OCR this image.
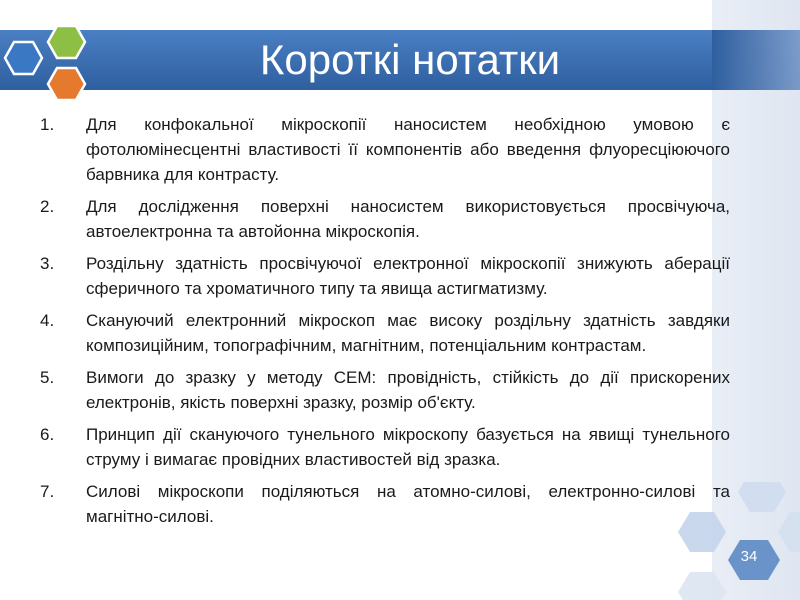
Короткі нотатки
34
1.	Для конфокальної мікроскопії наносистем необхідною умовою є фотолюмінесцентні властивості її компонентів або введення флуоресціюючого барвника для контрасту.
2.	Для дослідження поверхні наносистем використовується просвічуюча, автоелектронна та автойонна мікроскопія.
3.	Роздільну здатність просвічуючої електронної мікроскопії знижують аберації сферичного та хроматичного типу та явища астигматизму.
4.	Скануючий електронний мікроскоп має високу роздільну здатність завдяки композиційним, топографічним, магнітним, потенціальним контрастам.
5.	Вимоги до зразку у методу СЕМ: провідність, стійкість до дії прискорених електронів, якість поверхні зразку, розмір об'єкту.
6.	Принцип дії скануючого тунельного мікроскопу базується на явищі тунельного струму і вимагає провідних властивостей від зразка.
7.	Силові мікроскопи поділяються на атомно-силові, електронно-силові та магнітно-силові.
